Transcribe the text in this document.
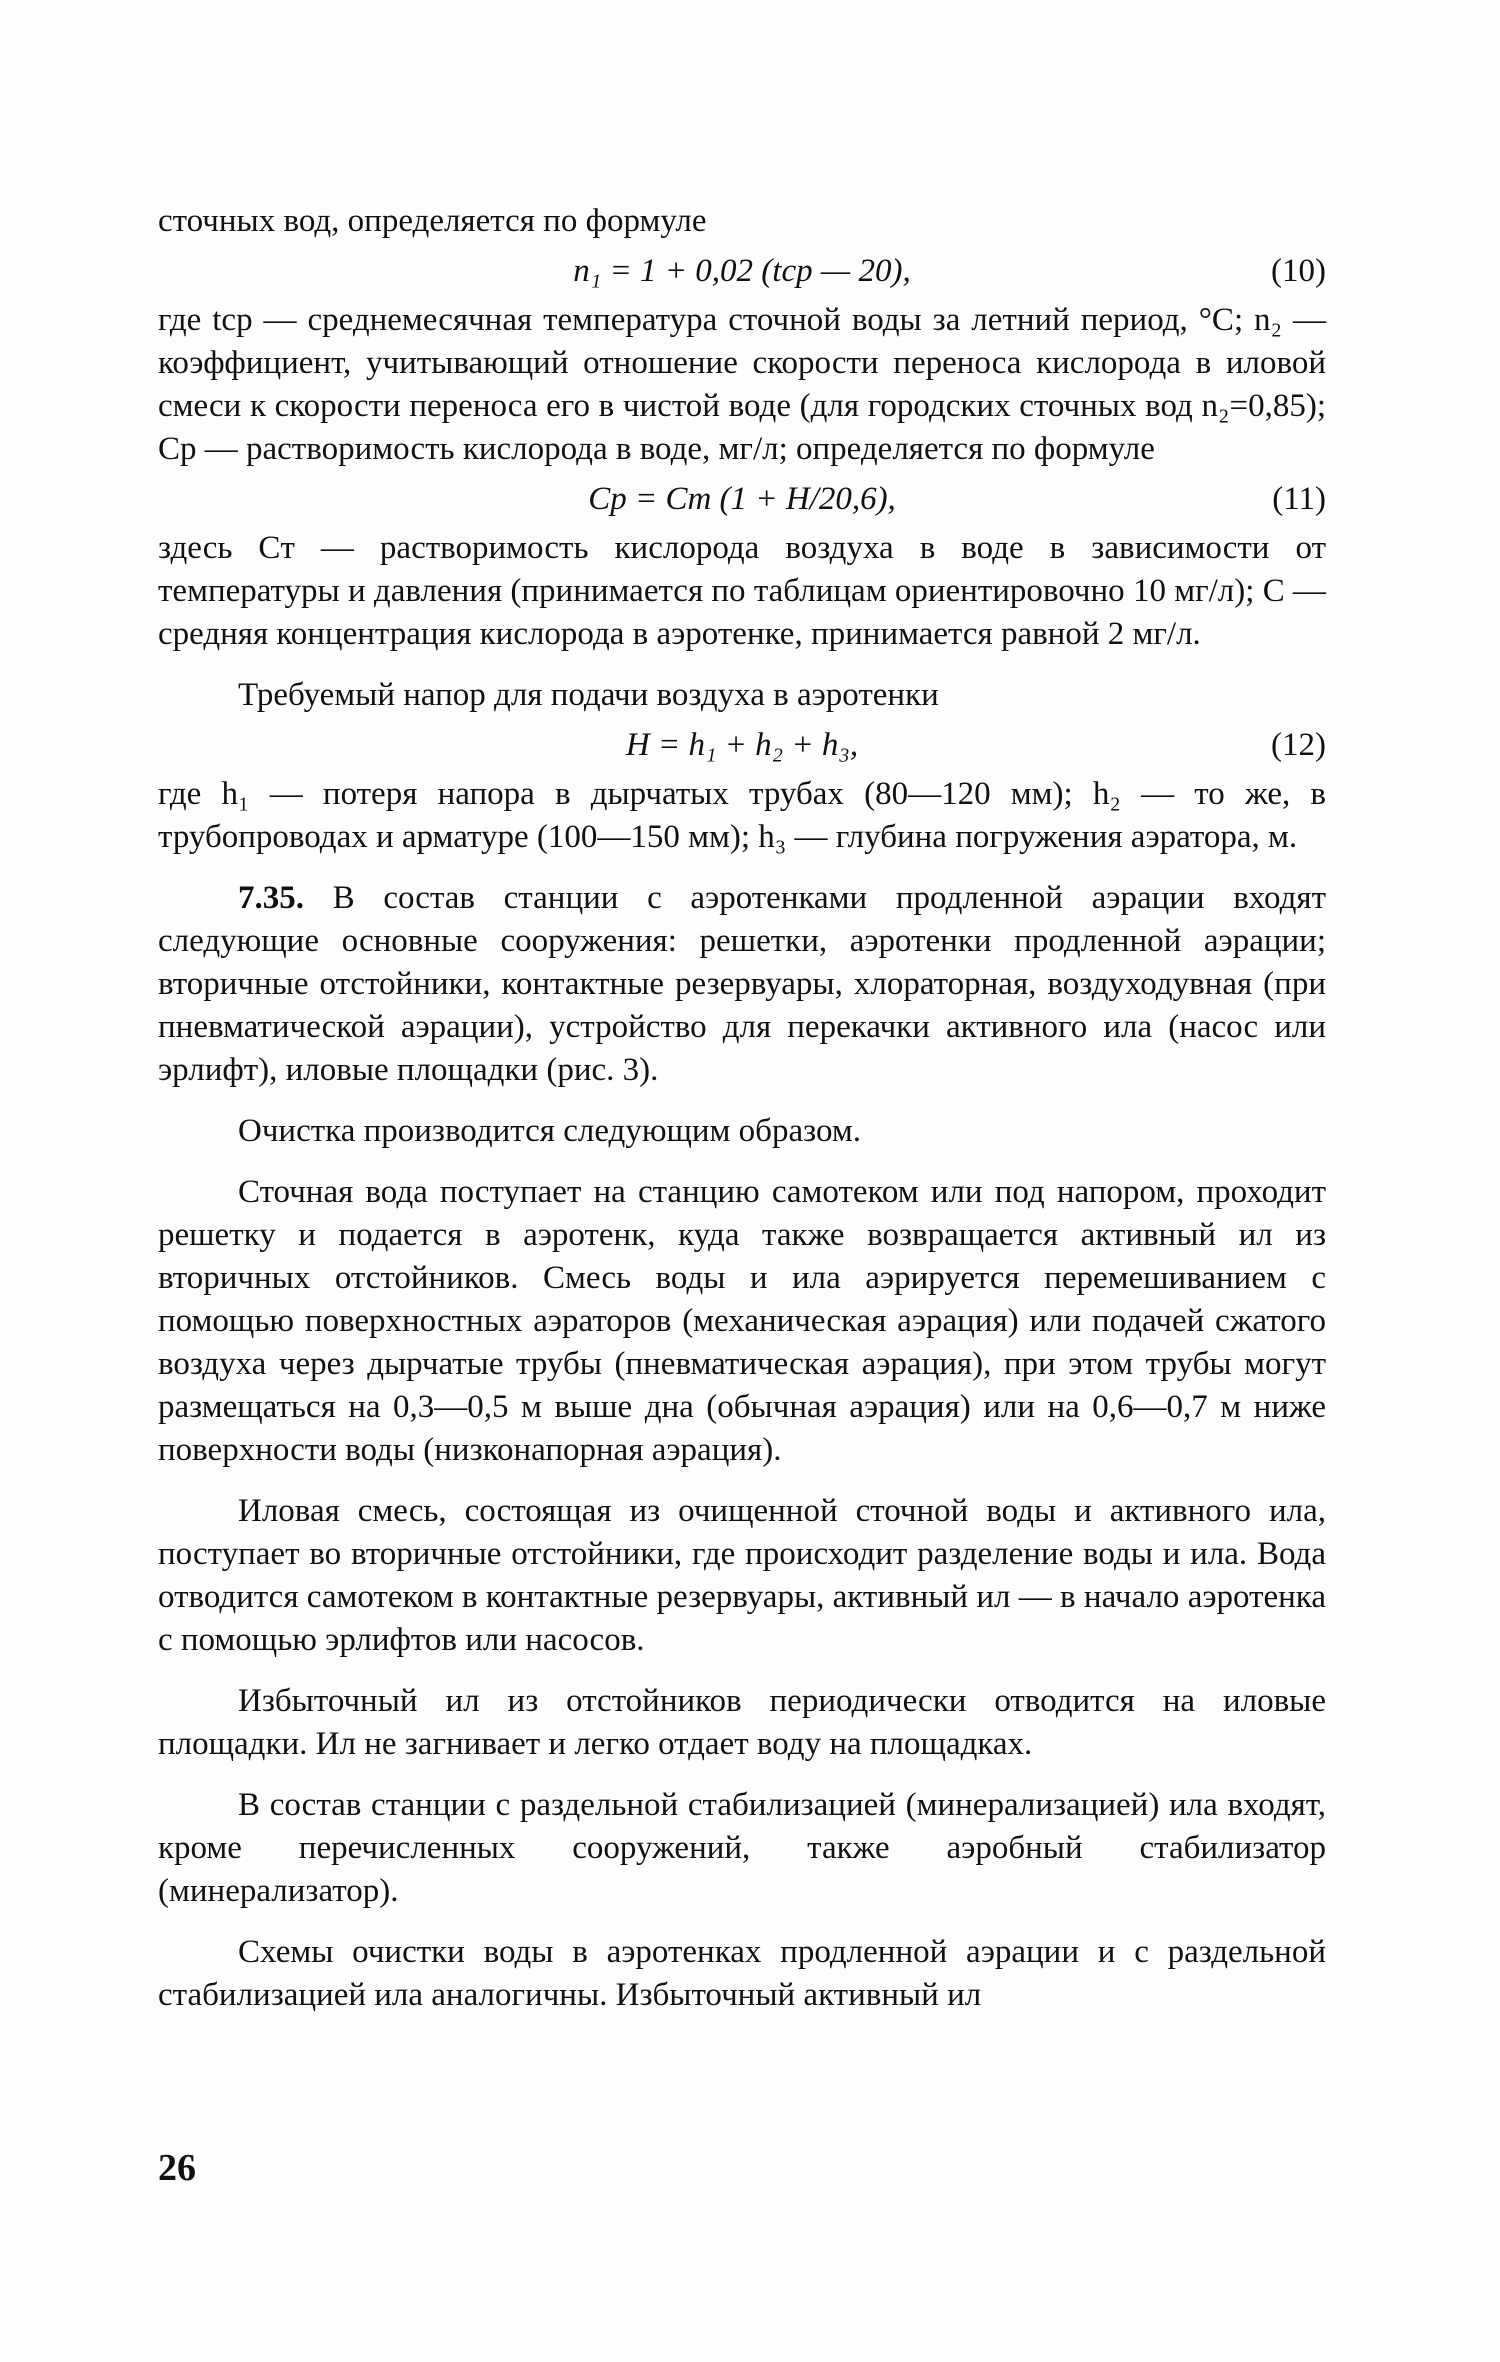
сточных вод, определяется по формуле

n₁ = 1 + 0,02 (tср — 20),	(10)

где tср — среднемесячная температура сточной воды за летний период, °С; n₂ — коэффициент, учитывающий отношение скорости переноса кислорода в иловой смеси к скорости переноса его в чистой воде (для городских сточных вод n₂=0,85); Cр — растворимость кислорода в воде, мг/л; определяется по формуле

Cр = Cт (1 + H/20,6),	(11)

здесь Cт — растворимость кислорода воздуха в воде в зависимости от температуры и давления (принимается по таблицам ориентировочно 10 мг/л); C — средняя концентрация кислорода в аэротенке, принимается равной 2 мг/л.

Требуемый напор для подачи воздуха в аэротенки

H = h₁ + h₂ + h₃,	(12)

где h₁ — потеря напора в дырчатых трубах (80—120 мм); h₂ — то же, в трубопроводах и арматуре (100—150 мм); h₃ — глубина погружения аэратора, м.

7.35. В состав станции с аэротенками продленной аэрации входят следующие основные сооружения: решетки, аэротенки продленной аэрации; вторичные отстойники, контактные резервуары, хлораторная, воздуходувная (при пневматической аэрации), устройство для перекачки активного ила (насос или эрлифт), иловые площадки (рис. 3).

Очистка производится следующим образом.

Сточная вода поступает на станцию самотеком или под напором, проходит решетку и подается в аэротенк, куда также возвращается активный ил из вторичных отстойников. Смесь воды и ила аэрируется перемешиванием с помощью поверхностных аэраторов (механическая аэрация) или подачей сжатого воздуха через дырчатые трубы (пневматическая аэрация), при этом трубы могут размещаться на 0,3—0,5 м выше дна (обычная аэрация) или на 0,6—0,7 м ниже поверхности воды (низконапорная аэрация).

Иловая смесь, состоящая из очищенной сточной воды и активного ила, поступает во вторичные отстойники, где происходит разделение воды и ила. Вода отводится самотеком в контактные резервуары, активный ил — в начало аэротенка с помощью эрлифтов или насосов.

Избыточный ил из отстойников периодически отводится на иловые площадки. Ил не загнивает и легко отдает воду на площадках.

В состав станции с раздельной стабилизацией (минерализацией) ила входят, кроме перечисленных сооружений, также аэробный стабилизатор (минерализатор).

Схемы очистки воды в аэротенках продленной аэрации и с раздельной стабилизацией ила аналогичны. Избыточный активный ил

26
